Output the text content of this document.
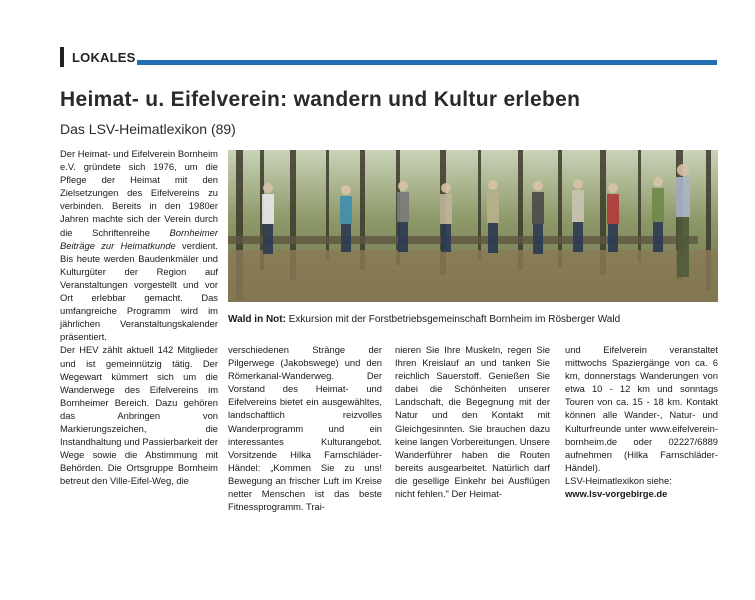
LOKALES
Heimat- u. Eifelverein: wandern und Kultur erleben
Das LSV-Heimatlexikon (89)

Der Heimat- und Eifelverein Bornheim e.V. gründete sich 1976, um die Pflege der Heimat mit den Zielsetzungen des Eifelvereins zu verbinden. Bereits in den 1980er Jahren machte sich der Verein durch die Schriftenreihe Bornheimer Beiträge zur Heimatkunde verdient. Bis heute werden Baudenkmäler und Kulturgüter der Region auf Veranstaltungen vorgestellt und vor Ort erlebbar gemacht. Das umfangreiche Programm wird im jährlichen Veranstaltungskalender präsentiert.

Der HEV zählt aktuell 142 Mitglieder und ist gemeinnützig tätig. Der Wegewart kümmert sich um die Wanderwege des Eifelvereins im Bornheimer Bereich. Dazu gehören das Anbringen von Markierungszeichen, die Instandhaltung und Passierbarkeit der Wege sowie die Abstimmung mit Behörden. Die Ortsgruppe Bornheim betreut den Ville-Eifel-Weg, die

Wald in Not: Exkursion mit der Forstbetriebsgemeinschaft Bornheim im Rösberger Wald

verschiedenen Stränge der Pilgerwege (Jakobswege) und den Römerkanal-Wanderweg. Der Vorstand des Heimat- und Eifelvereins bietet ein ausgewähltes, landschaftlich reizvolles Wanderprogramm und ein interessantes Kulturangebot. Vorsitzende Hilka Farnschläder-Händel: „Kommen Sie zu uns! Bewegung an frischer Luft im Kreise netter Menschen ist das beste Fitnessprogramm. Trai-

nieren Sie Ihre Muskeln, regen Sie Ihren Kreislauf an und tanken Sie reichlich Sauerstoff. Genießen Sie dabei die Schönheiten unserer Landschaft, die Begegnung mit der Natur und den Kontakt mit Gleichgesinnten. Sie brauchen dazu keine langen Vorbereitungen. Unsere Wanderführer haben die Routen bereits ausgearbeitet. Natürlich darf die gesellige Einkehr bei Ausflügen nicht fehlen." Der Heimat-

und Eifelverein veranstaltet mittwochs Spaziergänge von ca. 6 km, donnerstags Wanderungen von etwa 10 - 12 km und sonntags Touren von ca. 15 - 18 km. Kontakt können alle Wander-, Natur- und Kulturfreunde unter www.eifelverein-bornheim.de oder 02227/6889 aufnehmen (Hilka Farnschläder-Händel).

LSV-Heimatlexikon siehe:

www.lsv-vorgebirge.de
